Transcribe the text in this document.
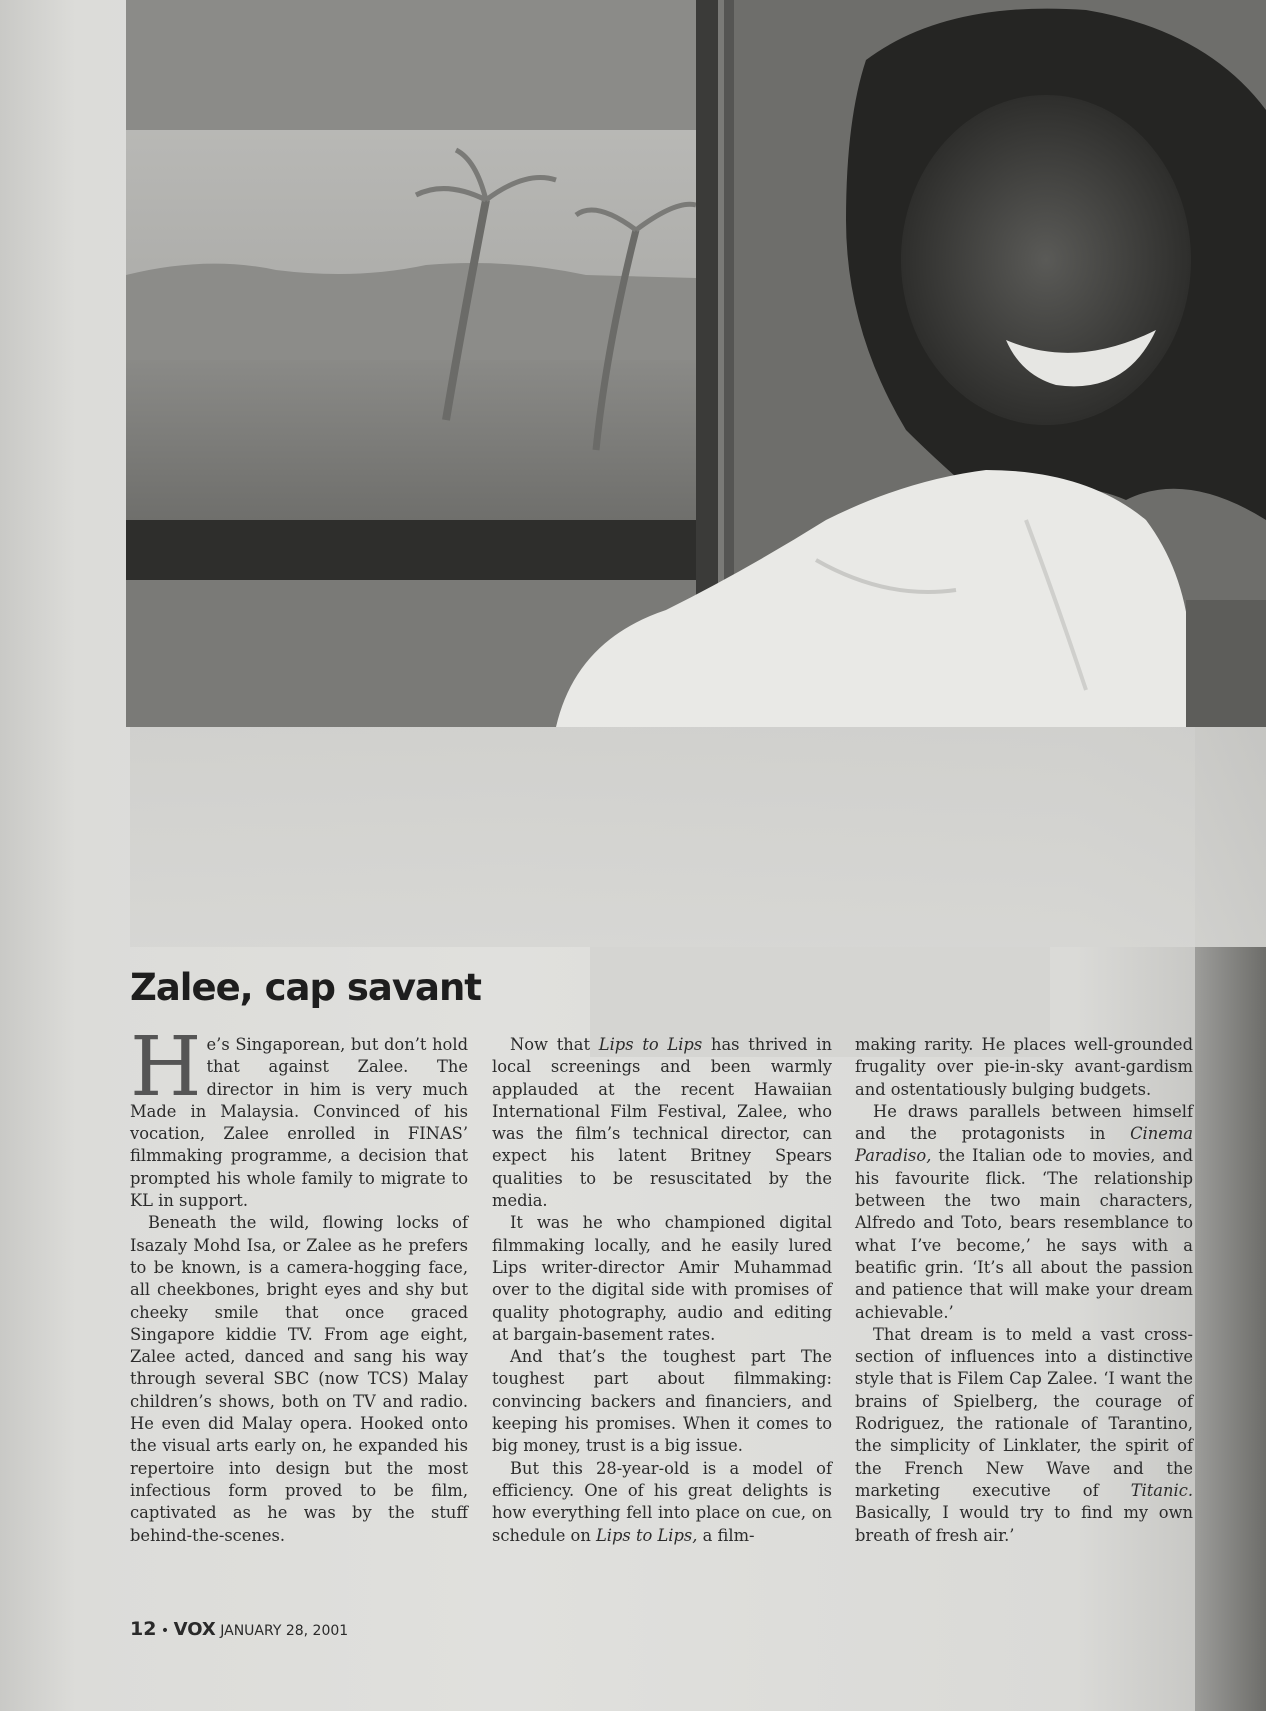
Zalee, cap savant

He’s Singaporean, but don’t hold that against Zalee. The director in him is very much Made in Malaysia. Convinced of his vocation, Zalee enrolled in FINAS’ filmmaking programme, a decision that prompted his whole family to migrate to KL in support.

Beneath the wild, flowing locks of Isazaly Mohd Isa, or Zalee as he prefers to be known, is a camera-hogging face, all cheekbones, bright eyes and shy but cheeky smile that once graced Singapore kiddie TV. From age eight, Zalee acted, danced and sang his way through several SBC (now TCS) Malay children’s shows, both on TV and radio. He even did Malay opera. Hooked onto the visual arts early on, he expanded his repertoire into design but the most infectious form proved to be film, captivated as he was by the stuff behind-the-scenes.

Now that Lips to Lips has thrived in local screenings and been warmly applauded at the recent Hawaiian International Film Festival, Zalee, who was the film’s technical director, can expect his latent Britney Spears qualities to be resuscitated by the media.

It was he who championed digital filmmaking locally, and he easily lured Lips writer-director Amir Muhammad over to the digital side with promises of quality photography, audio and editing at bargain-basement rates.

And that’s the toughest part The toughest part about filmmaking: convincing backers and financiers, and keeping his promises. When it comes to big money, trust is a big issue.

But this 28-year-old is a model of efficiency. One of his great delights is how everything fell into place on cue, on schedule on Lips to Lips, a film-

making rarity. He places well-grounded frugality over pie-in-sky avant-gardism and ostentatiously bulging budgets.

He draws parallels between himself and the protagonists in Cinema Paradiso, the Italian ode to movies, and his favourite flick. ‘The relationship between the two main characters, Alfredo and Toto, bears resemblance to what I’ve become,’ he says with a beatific grin. ‘It’s all about the passion and patience that will make your dream achievable.’

That dream is to meld a vast cross-section of influences into a distinctive style that is Filem Cap Zalee. ‘I want the brains of Spielberg, the courage of Rodriguez, the rationale of Tarantino, the simplicity of Linklater, the spirit of the French New Wave and the marketing executive of Titanic. Basically, I would try to find my own breath of fresh air.’

12 • VOX JANUARY 28, 2001
